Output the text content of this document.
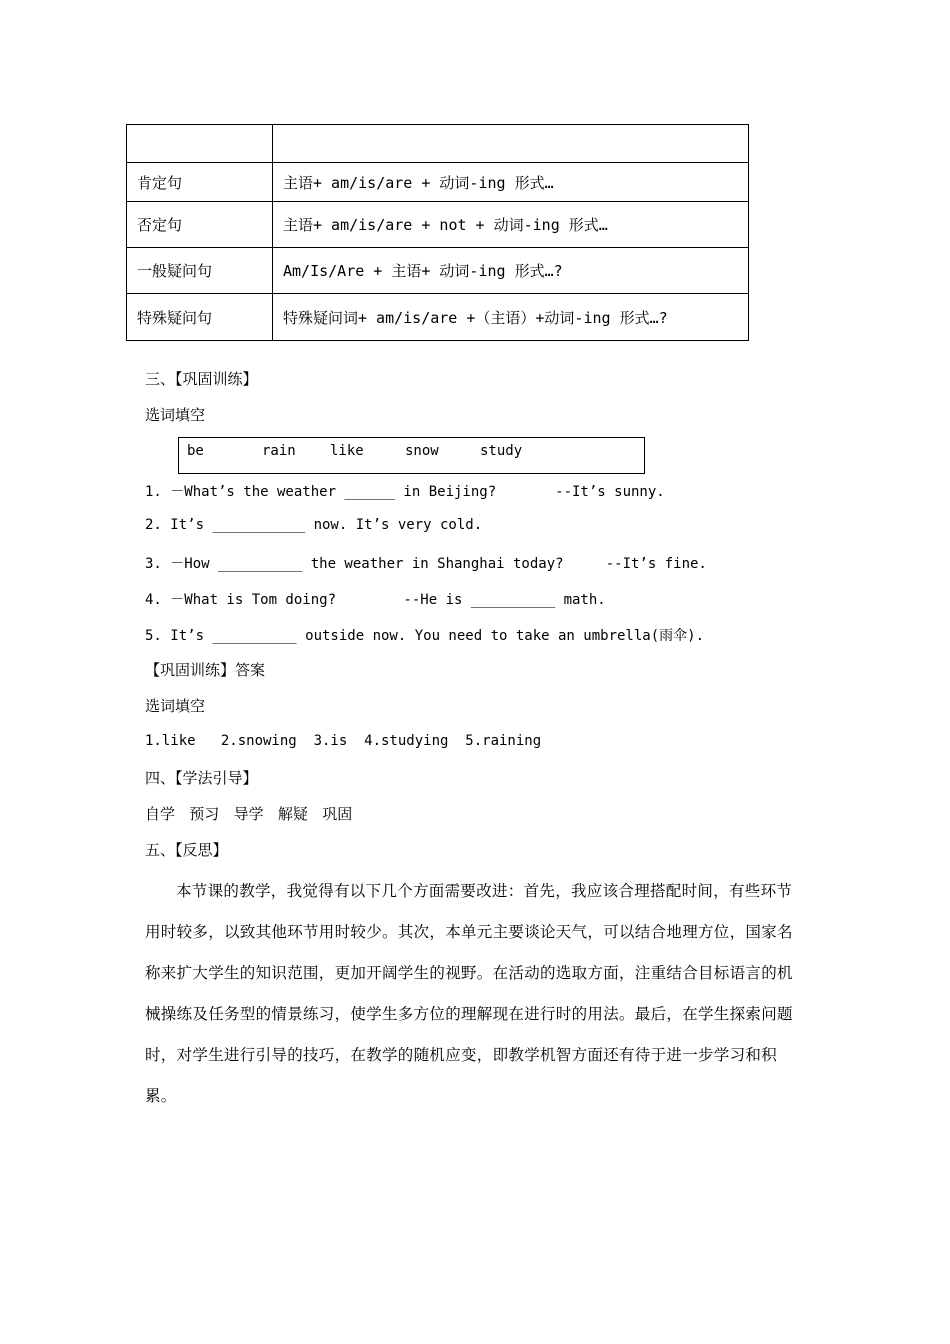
肯定句	主语+ am/is/are + 动词-ing 形式…
否定句	主语+ am/is/are + not + 动词-ing 形式…
一般疑问句	Am/Is/Are + 主语+ 动词-ing 形式…?
特殊疑问句	特殊疑问词+ am/is/are +（主语）+动词-ing 形式…?
三、【巩固训练】
选词填空
be	rain like	snow	study
1. －What’s the weather ______ in Beijing?       --It’s sunny.
2. It’s ___________ now. It’s very cold.
3. －How __________ the weather in Shanghai today?     --It’s fine.
4. －What is Tom doing?        --He is __________ math.
5. It’s __________ outside now. You need to take an umbrella(雨伞).
【巩固训练】答案
选词填空
1.like   2.snowing  3.is  4.studying  5.raining
四、【学法引导】
自学   预习   导学   解疑   巩固
五、【反思】
本节课的教学，我觉得有以下几个方面需要改进：首先，我应该合理搭配时间，有些环节用时较多，以致其他环节用时较少。其次，本单元主要谈论天气，可以结合地理方位，国家名称来扩大学生的知识范围，更加开阔学生的视野。在活动的选取方面，注重结合目标语言的机械操练及任务型的情景练习，使学生多方位的理解现在进行时的用法。最后，在学生探索问题时，对学生进行引导的技巧，在教学的随机应变，即教学机智方面还有待于进一步学习和积累。
